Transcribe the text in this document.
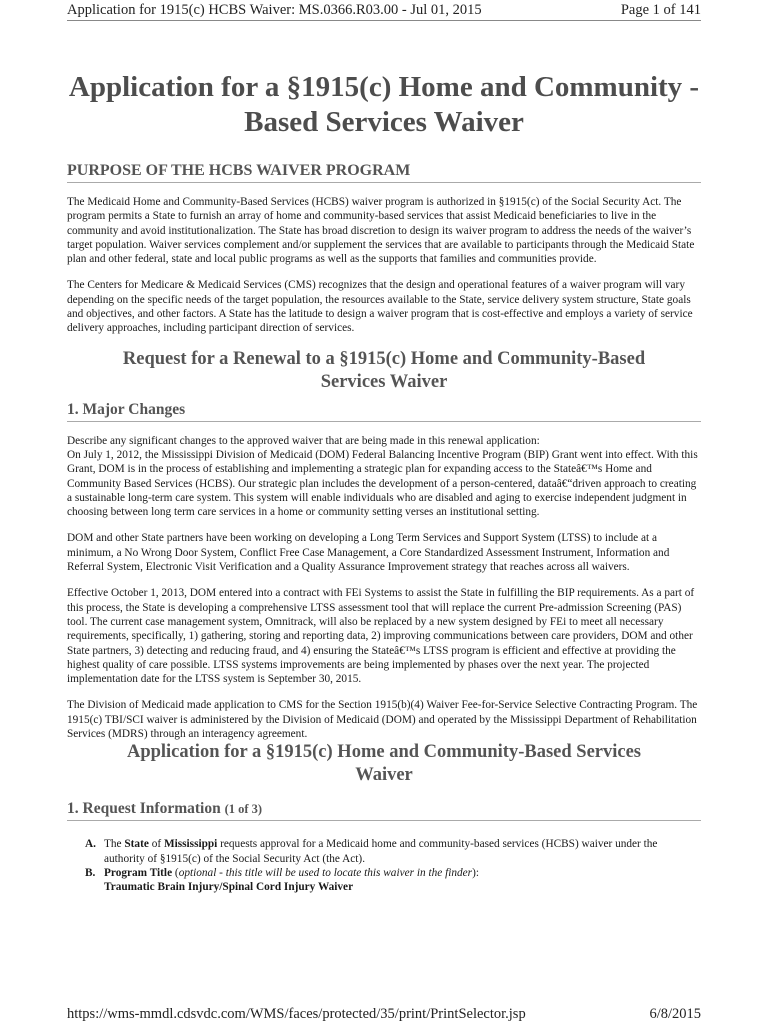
Application for 1915(c) HCBS Waiver: MS.0366.R03.00 - Jul 01, 2015	Page 1 of 141
Application for a §1915(c) Home and Community -Based Services Waiver
PURPOSE OF THE HCBS WAIVER PROGRAM

The Medicaid Home and Community-Based Services (HCBS) waiver program is authorized in §1915(c) of the Social Security Act. The program permits a State to furnish an array of home and community-based services that assist Medicaid beneficiaries to live in the community and avoid institutionalization. The State has broad discretion to design its waiver program to address the needs of the waiver’s target population. Waiver services complement and/or supplement the services that are available to participants through the Medicaid State plan and other federal, state and local public programs as well as the supports that families and communities provide.

The Centers for Medicare & Medicaid Services (CMS) recognizes that the design and operational features of a waiver program will vary depending on the specific needs of the target population, the resources available to the State, service delivery system structure, State goals and objectives, and other factors. A State has the latitude to design a waiver program that is cost-effective and employs a variety of service delivery approaches, including participant direction of services.

Request for a Renewal to a §1915(c) Home and Community-Based Services Waiver
1. Major Changes

Describe any significant changes to the approved waiver that are being made in this renewal application:
On July 1, 2012, the Mississippi Division of Medicaid (DOM) Federal Balancing Incentive Program (BIP) Grant went into effect. With this Grant, DOM is in the process of establishing and implementing a strategic plan for expanding access to the Stateâ€™s Home and Community Based Services (HCBS). Our strategic plan includes the development of a person-centered, dataâ€“driven approach to creating a sustainable long-term care system. This system will enable individuals who are disabled and aging to exercise independent judgment in choosing between long term care services in a home or community setting verses an institutional setting.

DOM and other State partners have been working on developing a Long Term Services and Support System (LTSS) to include at a minimum, a No Wrong Door System, Conflict Free Case Management, a Core Standardized Assessment Instrument, Information and Referral System, Electronic Visit Verification and a Quality Assurance Improvement strategy that reaches across all waivers.

Effective October 1, 2013, DOM entered into a contract with FEi Systems to assist the State in fulfilling the BIP requirements. As a part of this process, the State is developing a comprehensive LTSS assessment tool that will replace the current Pre-admission Screening (PAS) tool. The current case management system, Omnitrack, will also be replaced by a new system designed by FEi to meet all necessary requirements, specifically, 1) gathering, storing and reporting data, 2) improving communications between care providers, DOM and other State partners, 3) detecting and reducing fraud, and 4) ensuring the Stateâ€™s LTSS program is efficient and effective at providing the highest quality of care possible. LTSS systems improvements are being implemented by phases over the next year. The projected implementation date for the LTSS system is September 30, 2015.

The Division of Medicaid made application to CMS for the Section 1915(b)(4) Waiver Fee-for-Service Selective Contracting Program. The 1915(c) TBI/SCI waiver is administered by the Division of Medicaid (DOM) and operated by the Mississippi Department of Rehabilitation Services (MDRS) through an interagency agreement.

Application for a §1915(c) Home and Community-Based Services Waiver
1. Request Information (1 of 3)
A. The State of Mississippi requests approval for a Medicaid home and community-based services (HCBS) waiver under the authority of §1915(c) of the Social Security Act (the Act).
B. Program Title (optional - this title will be used to locate this waiver in the finder):
Traumatic Brain Injury/Spinal Cord Injury Waiver
https://wms-mmdl.cdsvdc.com/WMS/faces/protected/35/print/PrintSelector.jsp	6/8/2015
